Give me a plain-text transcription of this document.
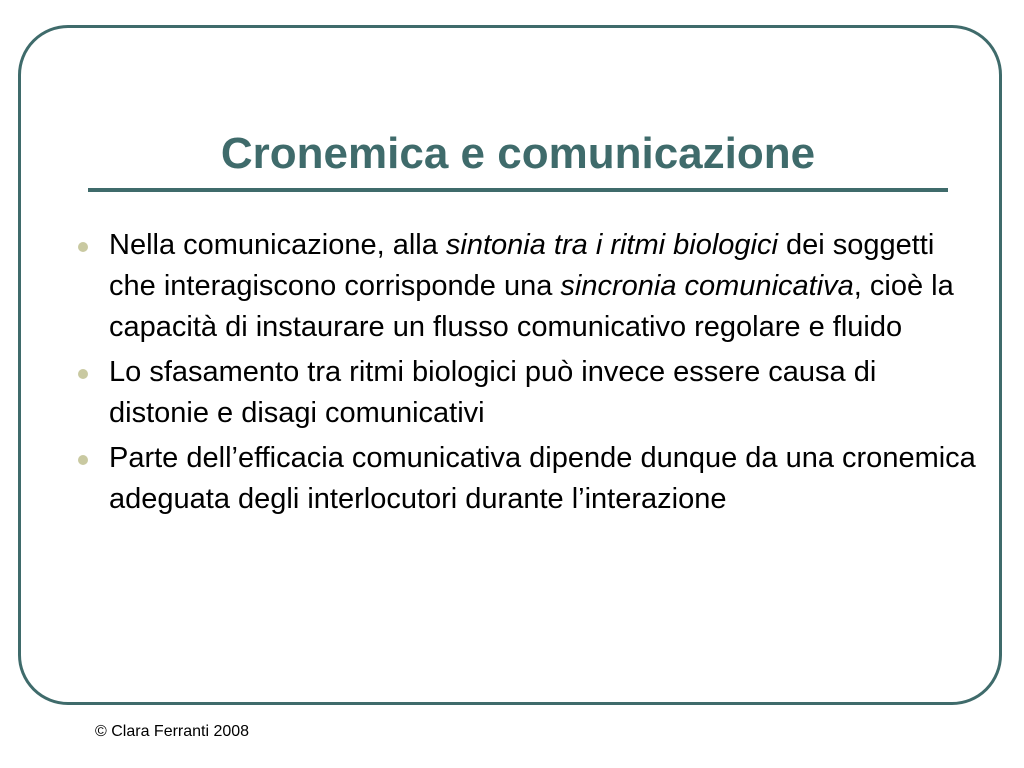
Cronemica e comunicazione
Nella comunicazione, alla sintonia tra i ritmi biologici dei soggetti che interagiscono corrisponde una sincronia comunicativa, cioè la capacità di instaurare un flusso comunicativo regolare e fluido
Lo sfasamento tra ritmi biologici può invece essere causa di distonie e disagi comunicativi
Parte dell’efficacia comunicativa dipende dunque da una cronemica adeguata degli interlocutori durante l’interazione
© Clara Ferranti 2008
